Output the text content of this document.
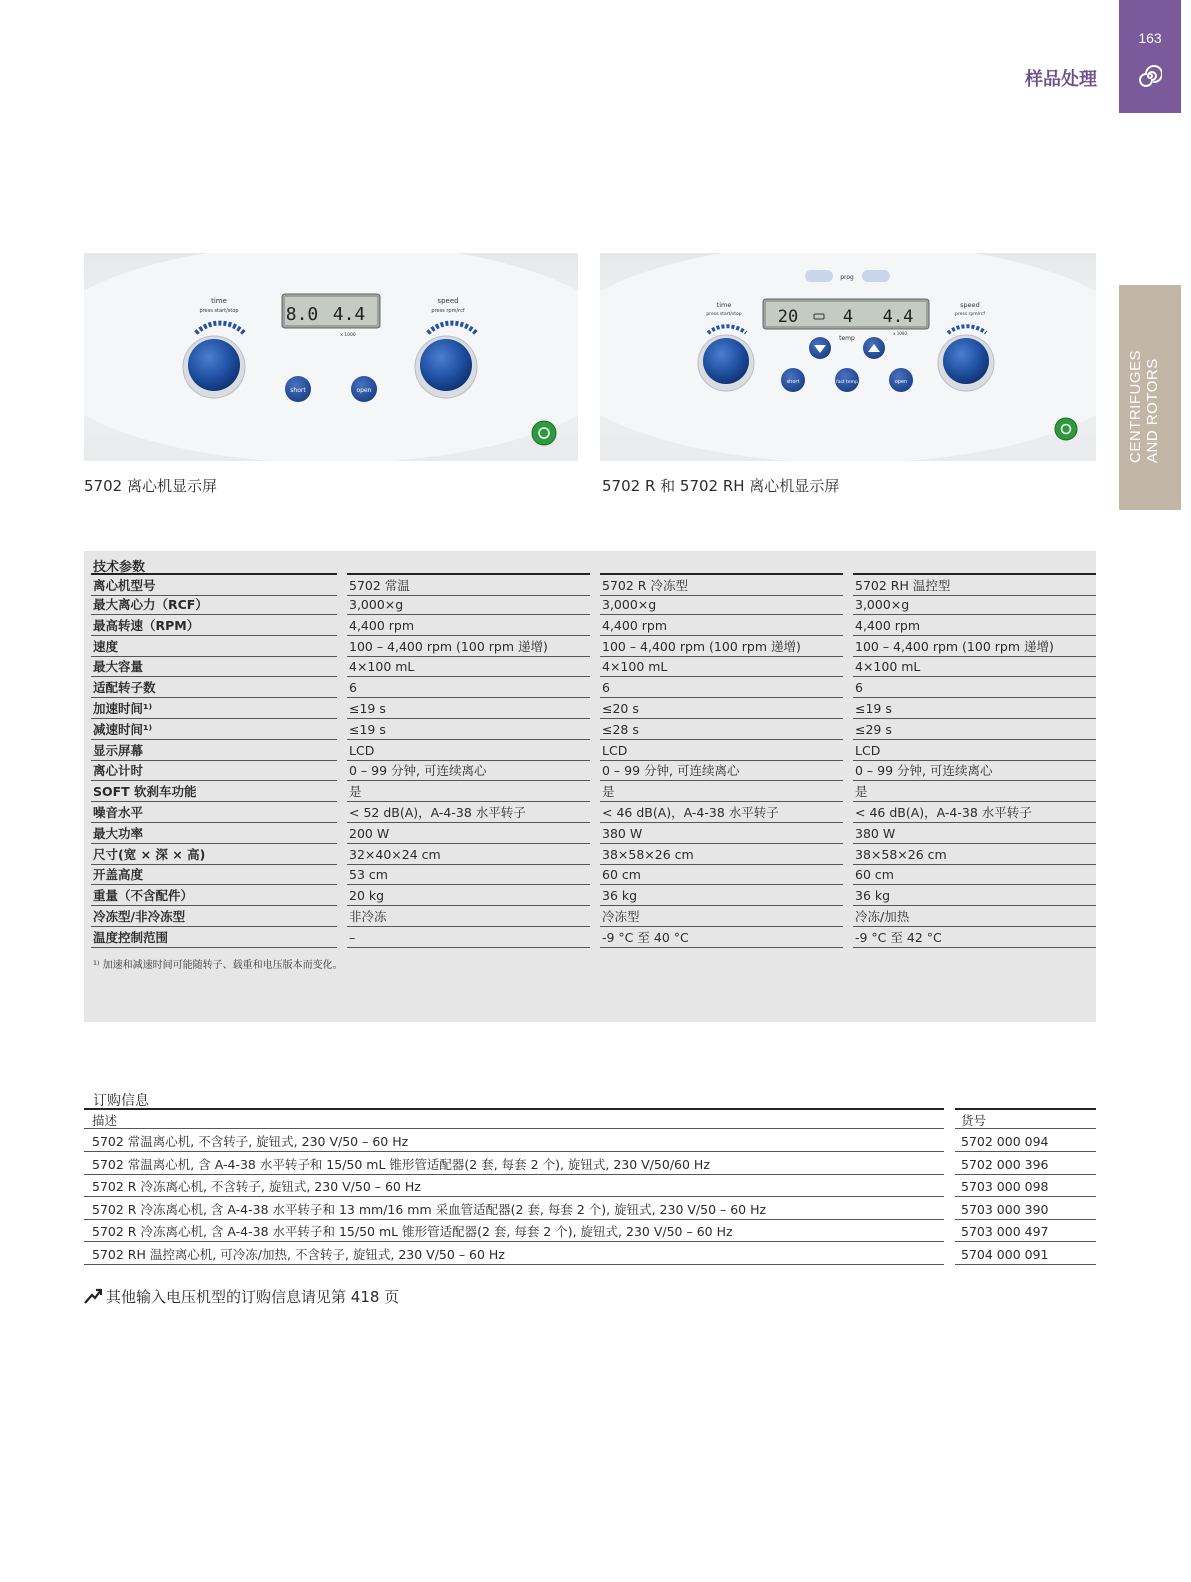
163
样品处理
CENTRIFUGES AND ROTORS
time
press start/stop
speed
press rpm/rcf
8.0 4.4
x 1000
short	open
5702 离心机显示屏
prog
time
press start/stop
speed
press rpm/rcf
20	4 4.4
x 1000
temp
short	fast temp	open
5702 R 和 5702 RH 离心机显示屏
离心机型号	5702 常温	5702 R 冷冻型	5702 RH 温控型
最大离心力（RCF）	3,000×g	3,000×g	3,000×g
最高转速（RPM）	4,400 rpm	4,400 rpm	4,400 rpm
速度	100 – 4,400 rpm (100 rpm 递增)	100 – 4,400 rpm (100 rpm 递增)	100 – 4,400 rpm (100 rpm 递增)
最大容量	4×100 mL	4×100 mL	4×100 mL
适配转子数	6	6	6
加速时间¹⁾	≤19 s	≤20 s	≤19 s
减速时间¹⁾	≤19 s	≤28 s	≤29 s
显示屏幕	LCD	LCD	LCD
离心计时	0 – 99 分钟, 可连续离心	0 – 99 分钟, 可连续离心	0 – 99 分钟, 可连续离心
SOFT 软刹车功能	是	是	是
噪音水平	< 52 dB(A)，A-4-38 水平转子	< 46 dB(A)，A-4-38 水平转子	< 46 dB(A)，A-4-38 水平转子
最大功率	200 W	380 W	380 W
尺寸(宽 × 深 × 高)	32×40×24 cm	38×58×26 cm	38×58×26 cm
开盖高度	53 cm	60 cm	60 cm
重量（不含配件）	20 kg	36 kg	36 kg
冷冻型/非冷冻型	非冷冻	冷冻型	冷冻/加热
温度控制范围	–	-9 °C 至 40 °C	-9 °C 至 42 °C
技术参数
¹⁾ 加速和减速时间可能随转子、载重和电压版本而变化。
订购信息
描述	货号
5702 常温离心机, 不含转子, 旋钮式, 230 V/50 – 60 Hz	5702 000 094
5702 常温离心机, 含 A-4-38 水平转子和 15/50 mL 锥形管适配器(2 套, 每套 2 个), 旋钮式, 230 V/50/60 Hz	5702 000 396
5702 R 冷冻离心机, 不含转子, 旋钮式, 230 V/50 – 60 Hz	5703 000 098
5702 R 冷冻离心机, 含 A-4-38 水平转子和 13 mm/16 mm 采血管适配器(2 套, 每套 2 个), 旋钮式, 230 V/50 – 60 Hz	5703 000 390
5702 R 冷冻离心机, 含 A-4-38 水平转子和 15/50 mL 锥形管适配器(2 套, 每套 2 个), 旋钮式, 230 V/50 – 60 Hz	5703 000 497
5702 RH 温控离心机, 可冷冻/加热, 不含转子, 旋钮式, 230 V/50 – 60 Hz	5704 000 091
其他输入电压机型的订购信息请见第 418 页
